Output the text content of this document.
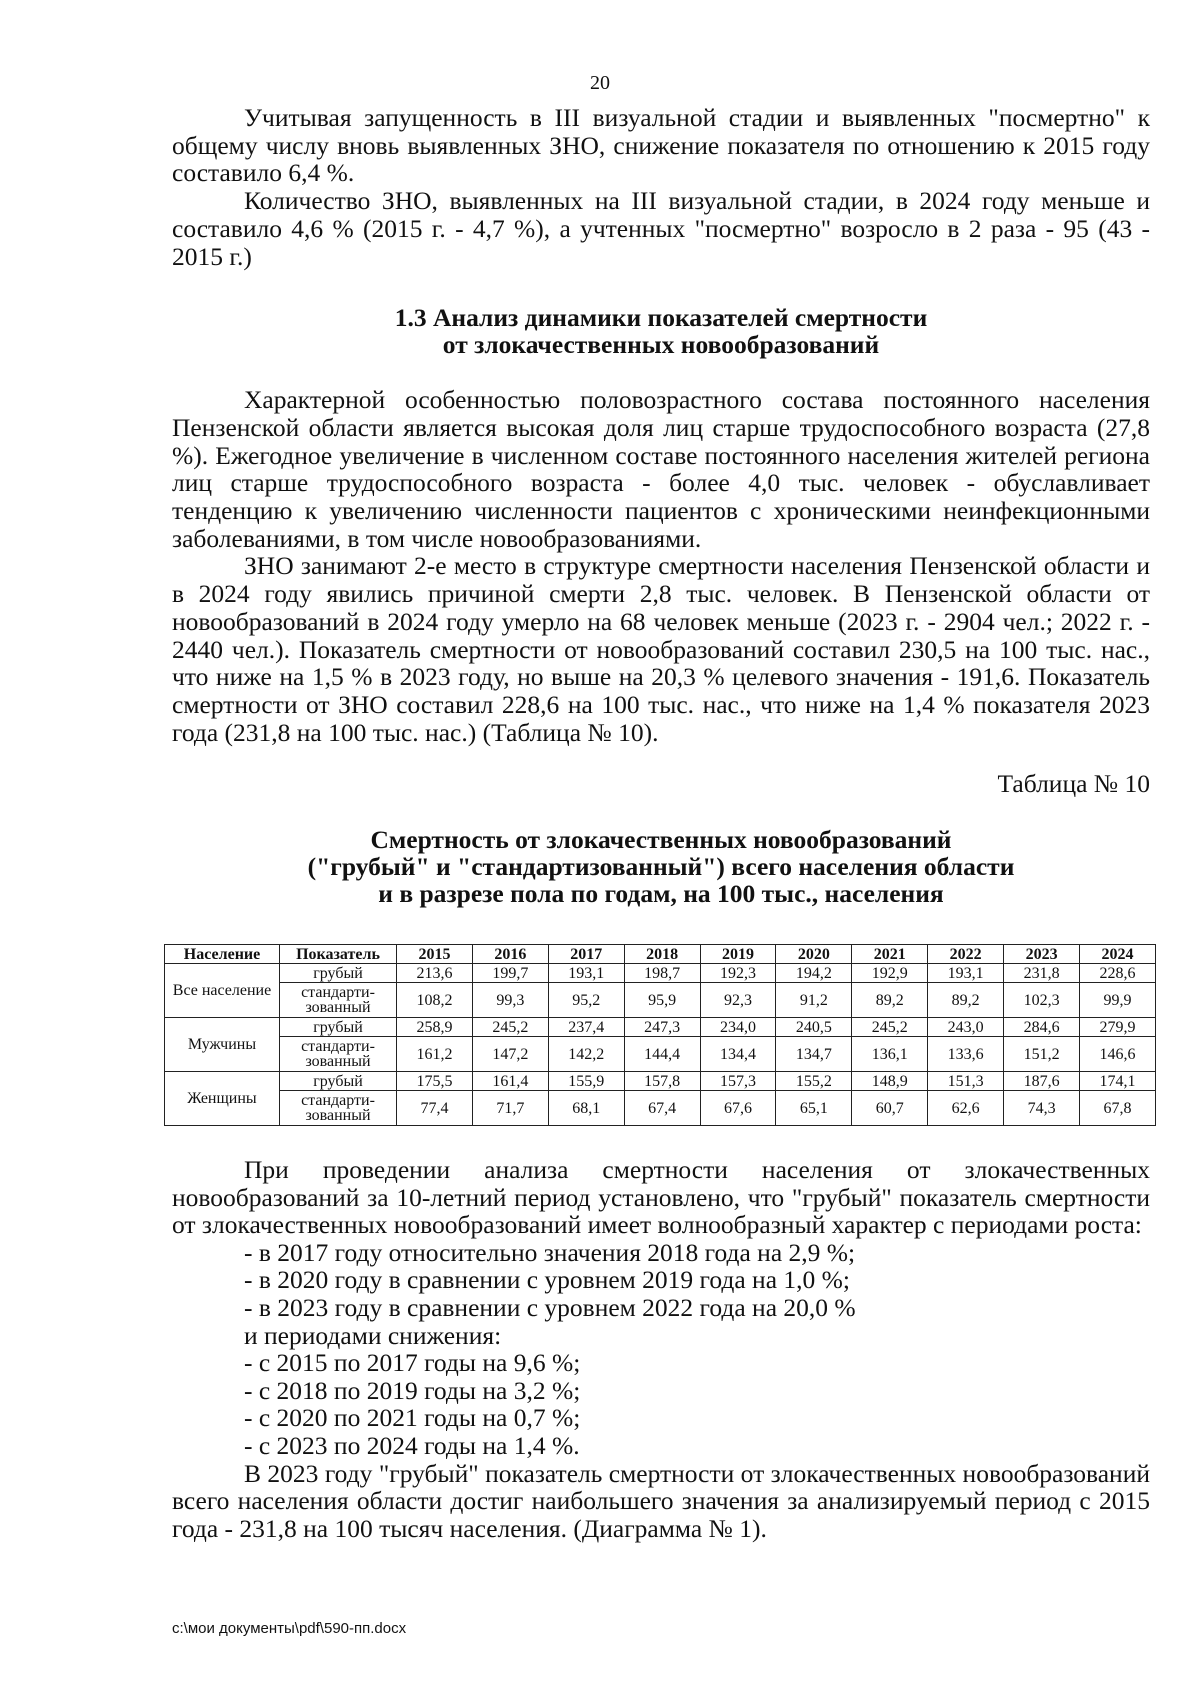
20

Учитывая запущенность в III визуальной стадии и выявленных "посмертно" к общему числу вновь выявленных ЗНО, снижение показателя по отношению к 2015 году составило 6,4 %.

Количество ЗНО, выявленных на III визуальной стадии, в 2024 году меньше и составило 4,6 % (2015 г. - 4,7 %), а учтенных "посмертно" возросло в 2 раза - 95 (43 - 2015 г.)

1.3 Анализ динамики показателей смертности
от злокачественных новообразований

Характерной особенностью половозрастного состава постоянного населения Пензенской области является высокая доля лиц старше трудоспособного возраста (27,8 %). Ежегодное увеличение в численном составе постоянного населения жителей региона лиц старше трудоспособного возраста - более 4,0 тыс. человек - обуславливает тенденцию к увеличению численности пациентов с хроническими неинфекционными заболеваниями, в том числе новообразованиями.

ЗНО занимают 2-е место в структуре смертности населения Пензенской области и в 2024 году явились причиной смерти 2,8 тыс. человек. В Пензенской области от новообразований в 2024 году умерло на 68 человек меньше (2023 г. - 2904 чел.; 2022 г. - 2440 чел.). Показатель смертности от новообразований составил 230,5 на 100 тыс. нас., что ниже на 1,5 % в 2023 году, но выше на 20,3 % целевого значения - 191,6. Показатель смертности от ЗНО составил 228,6 на 100 тыс. нас., что ниже на 1,4 % показателя 2023 года (231,8 на 100 тыс. нас.) (Таблица № 10).

Таблица № 10
Смертность от злокачественных новообразований
("грубый" и "стандартизованный") всего населения области
и в разрезе пола по годам, на 100 тыс., населения
Население	Показатель	2015	2016	2017	2018	2019	2020	2021	2022	2023	2024
Все население	грубый	213,6	199,7	193,1	198,7	192,3	194,2	192,9	193,1	231,8	228,6
	стандарти-зованный	108,2	99,3	95,2	95,9	92,3	91,2	89,2	89,2	102,3	99,9
Мужчины	грубый	258,9	245,2	237,4	247,3	234,0	240,5	245,2	243,0	284,6	279,9
	стандарти-зованный	161,2	147,2	142,2	144,4	134,4	134,7	136,1	133,6	151,2	146,6
Женщины	грубый	175,5	161,4	155,9	157,8	157,3	155,2	148,9	151,3	187,6	174,1
	стандарти-зованный	77,4	71,7	68,1	67,4	67,6	65,1	60,7	62,6	74,3	67,8

При проведении анализа смертности населения от злокачественных новообразований за 10-летний период установлено, что "грубый" показатель смертности от злокачественных новообразований имеет волнообразный характер с периодами роста:

- в 2017 году относительно значения 2018 года на 2,9 %;
- в 2020 году в сравнении с уровнем 2019 года на 1,0 %;
- в 2023 году в сравнении с уровнем 2022 года на 20,0 %
и периодами снижения:
- с 2015 по 2017 годы на 9,6 %;
- с 2018 по 2019 годы на 3,2 %;
- с 2020 по 2021 годы на 0,7 %;
- с 2023 по 2024 годы на 1,4 %.

В 2023 году "грубый" показатель смертности от злокачественных новообразований всего населения области достиг наибольшего значения за анализируемый период с 2015 года - 231,8 на 100 тысяч населения. (Диаграмма № 1).

c:\мои документы\pdf\590-пп.docx
